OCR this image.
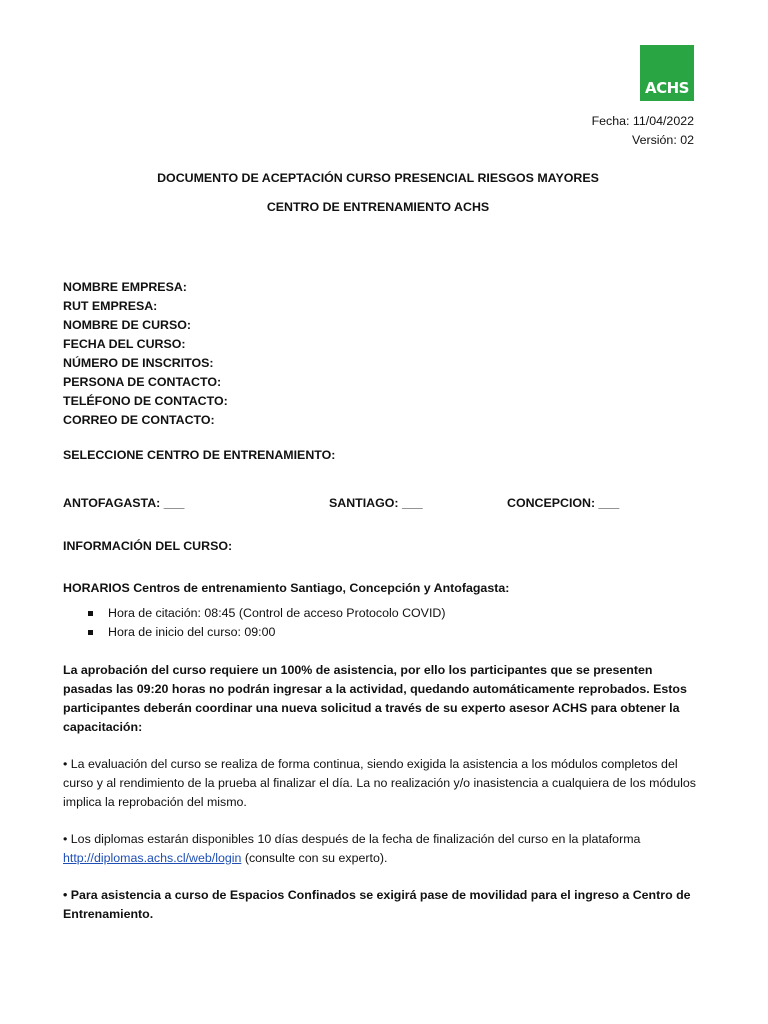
ACHS
Fecha: 11/04/2022
Versión: 02
DOCUMENTO DE ACEPTACIÓN CURSO PRESENCIAL RIESGOS MAYORES
CENTRO DE ENTRENAMIENTO ACHS
NOMBRE EMPRESA:
RUT EMPRESA:
NOMBRE DE CURSO:
FECHA DEL CURSO:
NÚMERO DE INSCRITOS:
PERSONA DE CONTACTO:
TELÉFONO DE CONTACTO:
CORREO DE CONTACTO:
SELECCIONE CENTRO DE ENTRENAMIENTO:
ANTOFAGASTA: ___	SANTIAGO: ___	CONCEPCION: ___
INFORMACIÓN DEL CURSO:

HORARIOS Centros de entrenamiento Santiago, Concepción y Antofagasta:

Hora de citación: 08:45 (Control de acceso Protocolo COVID)
Hora de inicio del curso: 09:00

La aprobación del curso requiere un 100% de asistencia, por ello los participantes que se presenten pasadas las 09:20 horas no podrán ingresar a la actividad, quedando automáticamente reprobados. Estos participantes deberán coordinar una nueva solicitud a través de su experto asesor ACHS para obtener la capacitación:

• La evaluación del curso se realiza de forma continua, siendo exigida la asistencia a los módulos completos del curso y al rendimiento de la prueba al finalizar el día. La no realización y/o inasistencia a cualquiera de los módulos implica la reprobación del mismo.

• Los diplomas estarán disponibles 10 días después de la fecha de finalización del curso en la plataforma http://diplomas.achs.cl/web/login (consulte con su experto).

• Para asistencia a curso de Espacios Confinados se exigirá pase de movilidad para el ingreso a Centro de Entrenamiento.
